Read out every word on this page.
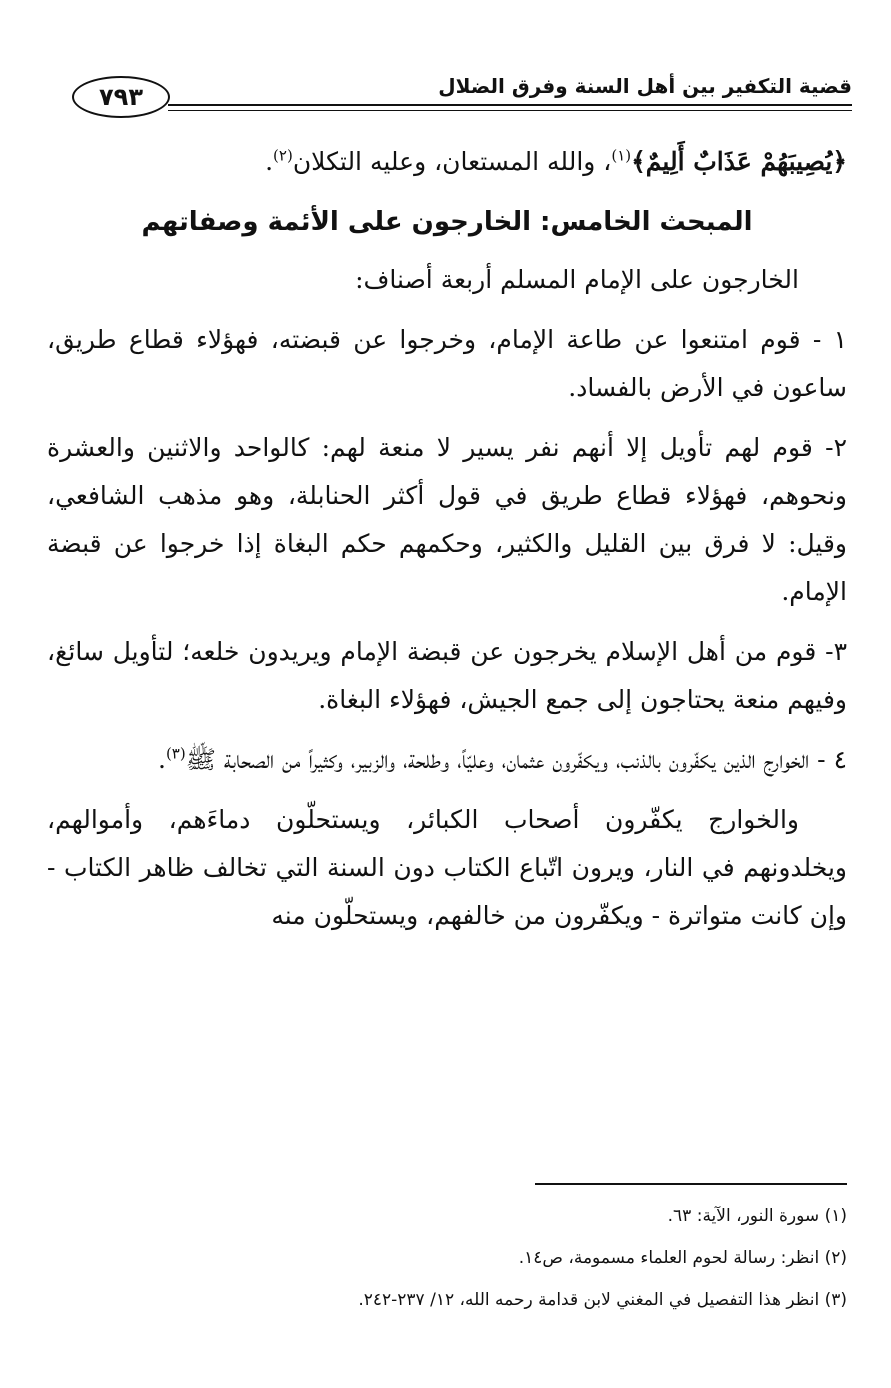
قضية التكفير بين أهل السنة وفرق الضلال
٧٩٣

﴿يُصِيبَهُمْ عَذَابٌ أَلِيمٌ﴾$^{(١)}$، والله المستعان، وعليه التكلان$^{(٢)}$.

المبحث الخامس: الخارجون على الأئمة وصفاتهم

الخارجون على الإمام المسلم أربعة أصناف:

١ - قوم امتنعوا عن طاعة الإمام، وخرجوا عن قبضته، فهؤلاء قطاع طريق، ساعون في الأرض بالفساد.

٢- قوم لهم تأويل إلا أنهم نفر يسير لا منعة لهم: كالواحد والاثنين والعشرة ونحوهم، فهؤلاء قطاع طريق في قول أكثر الحنابلة، وهو مذهب الشافعي، وقيل: لا فرق بين القليل والكثير، وحكمهم حكم البغاة إذا خرجوا عن قبضة الإمام.

٣- قوم من أهل الإسلام يخرجون عن قبضة الإمام ويريدون خلعه؛ لتأويل سائغ، وفيهم منعة يحتاجون إلى جمع الجيش، فهؤلاء البغاة.

٤ - الخوارج الذين يكفّرون بالذنب، ويكفّرون عثمان، وعليّاً، وطلحة، والزبير، وكثيراً من الصحابة ﷺ$^{(٣)}$.

والخوارج يكفّرون أصحاب الكبائر، ويستحلّون دماءَهم، وأموالهم، ويخلدونهم في النار، ويرون اتّباع الكتاب دون السنة التي تخالف ظاهر الكتاب - وإن كانت متواترة - ويكفّرون من خالفهم، ويستحلّون منه

(١) سورة النور، الآية: ٦٣.
(٢) انظر: رسالة لحوم العلماء مسمومة، ص١٤.
(٣) انظر هذا التفصيل في المغني لابن قدامة رحمه الله، ١٢/ ٢٣٧-٢٤٢.
